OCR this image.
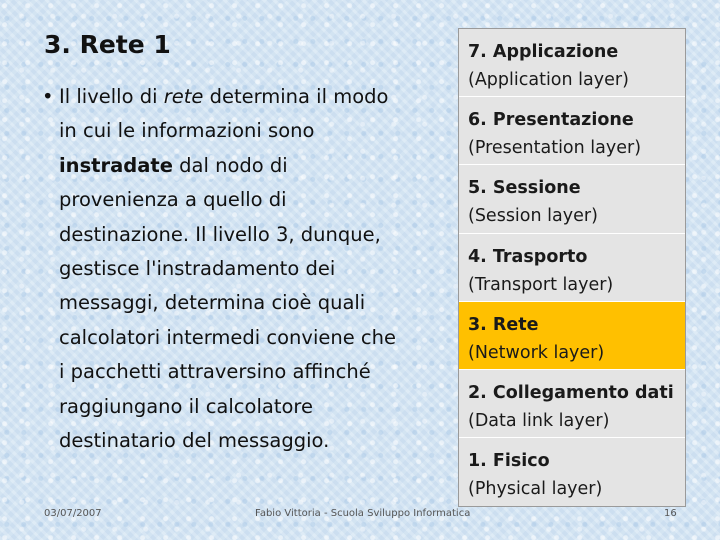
3. Rete 1
• Il livello di rete determina il modo
in cui le informazioni sono
instradate dal nodo di
provenienza a quello di
destinazione. Il livello 3, dunque,
gestisce l'instradamento dei
messaggi, determina cioè quali
calcolatori intermedi conviene che
i pacchetti attraversino affinché
raggiungano il calcolatore
destinatario del messaggio.
7. Applicazione
(Application layer)
6. Presentazione
(Presentation layer)
5. Sessione
(Session layer)
4. Trasporto
(Transport layer)
3. Rete
(Network layer)
2. Collegamento dati
(Data link layer)
1. Fisico
(Physical layer)
03/07/2007	Fabio Vittoria - Scuola Sviluppo Informatica	16
